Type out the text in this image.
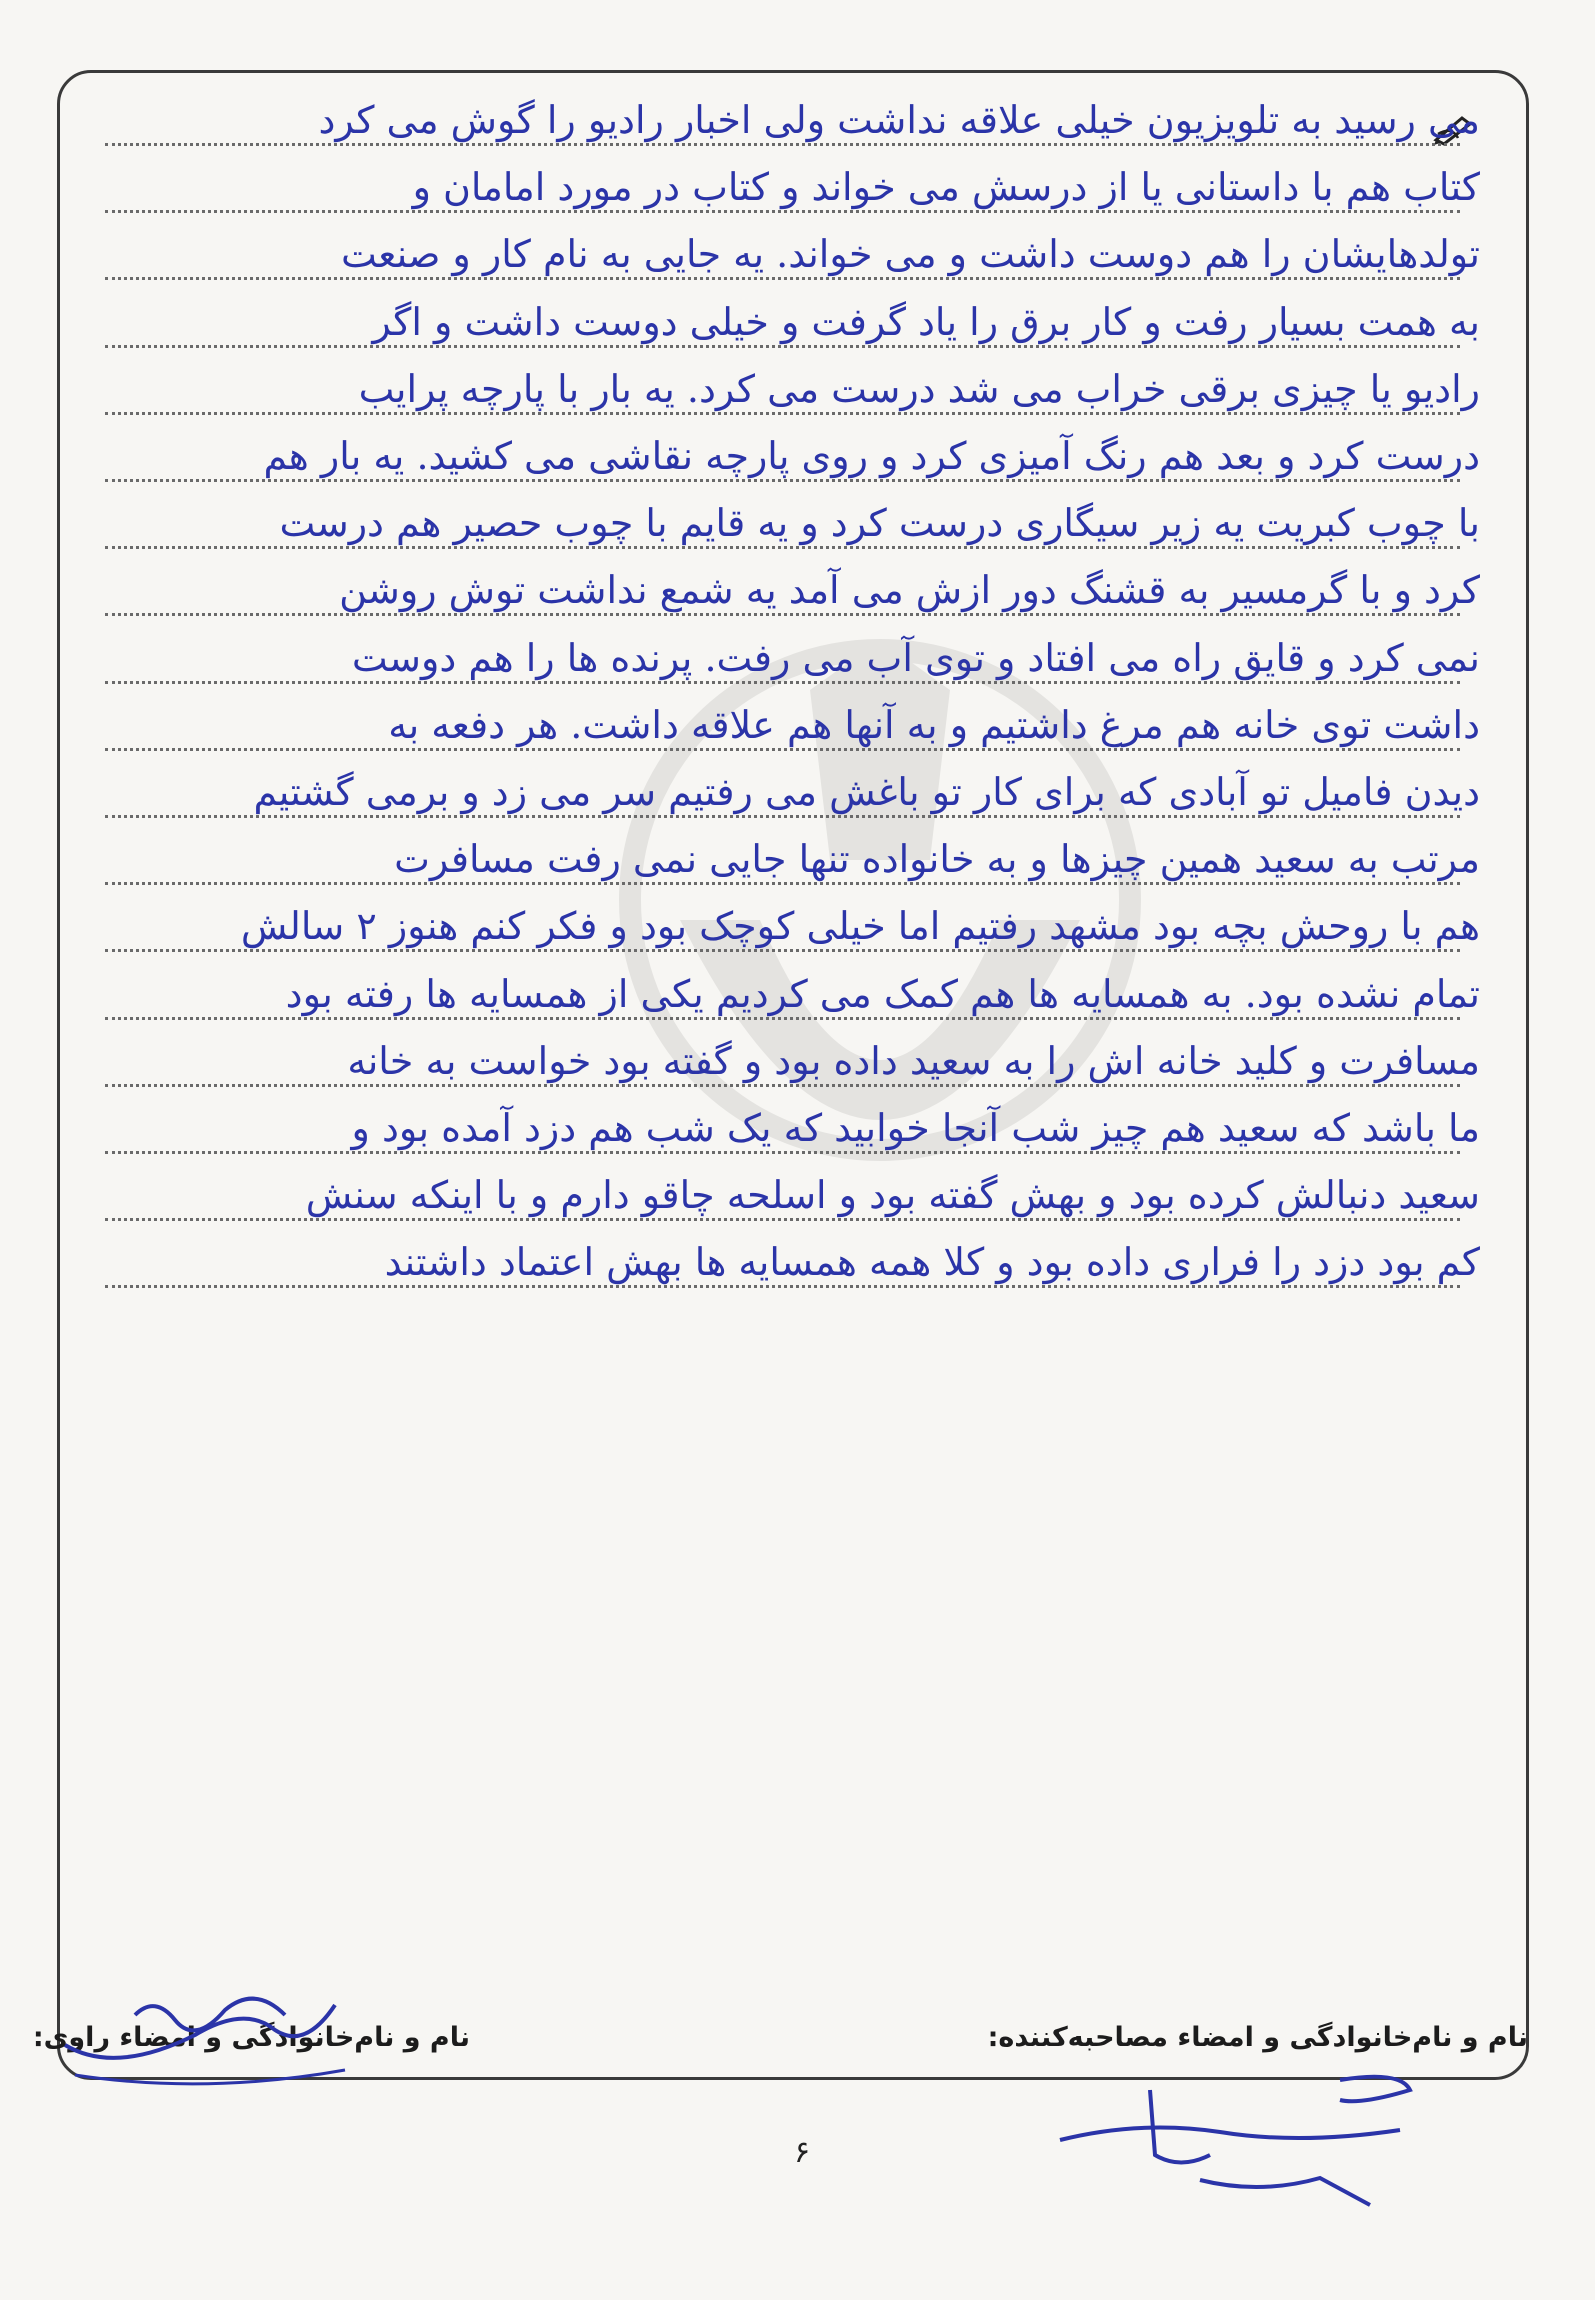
می رسید به تلویزیون خیلی علاقه نداشت ولی اخبار رادیو را گوش می کرد
کتاب هم با داستانی یا از درسش می خواند و کتاب در مورد امامان و
تولدهایشان را هم دوست داشت و می خواند. یه جایی به نام کار و صنعت
به همت بسیار رفت و کار برق را یاد گرفت و خیلی دوست داشت و اگر
رادیو یا چیزی برقی خراب می شد درست می کرد. یه بار با پارچه پرایب
درست کرد و بعد هم رنگ آمیزی کرد و روی پارچه نقاشی می کشید. یه بار هم
با چوب کبریت یه زیر سیگاری درست کرد و یه قایم با چوب حصیر هم درست
کرد و با گرمسیر به قشنگ دور ازش می آمد یه شمع نداشت توش روشن
نمی کرد و قایق راه می افتاد و توی آب می رفت. پرنده ها را هم دوست
داشت توی خانه هم مرغ داشتیم و به آنها هم علاقه داشت. هر دفعه به
دیدن فامیل تو آبادی که برای کار تو باغش می رفتیم سر می زد و برمی گشتیم
مرتب به سعید همین چیزها و به خانواده تنها جایی نمی رفت مسافرت
هم با روحش بچه بود مشهد رفتیم اما خیلی کوچک بود و فکر کنم هنوز ۲ سالش
تمام نشده بود. به همسایه ها هم کمک می کردیم یکی از همسایه ها رفته بود
مسافرت و کلید خانه اش را به سعید داده بود و گفته بود خواست به خانه
ما باشد که سعید هم چیز شب آنجا خوابید که یک شب هم دزد آمده بود و
سعید دنبالش کرده بود و بهش گفته بود و اسلحه چاقو دارم و با اینکه سنش
کم بود دزد را فراری داده بود و کلا همه همسایه ها بهش اعتماد داشتند
نام و نام‌خانوادگی و امضاء مصاحبه‌کننده:
نام و نام‌خانوادگی و امضاء راوی:
۶
